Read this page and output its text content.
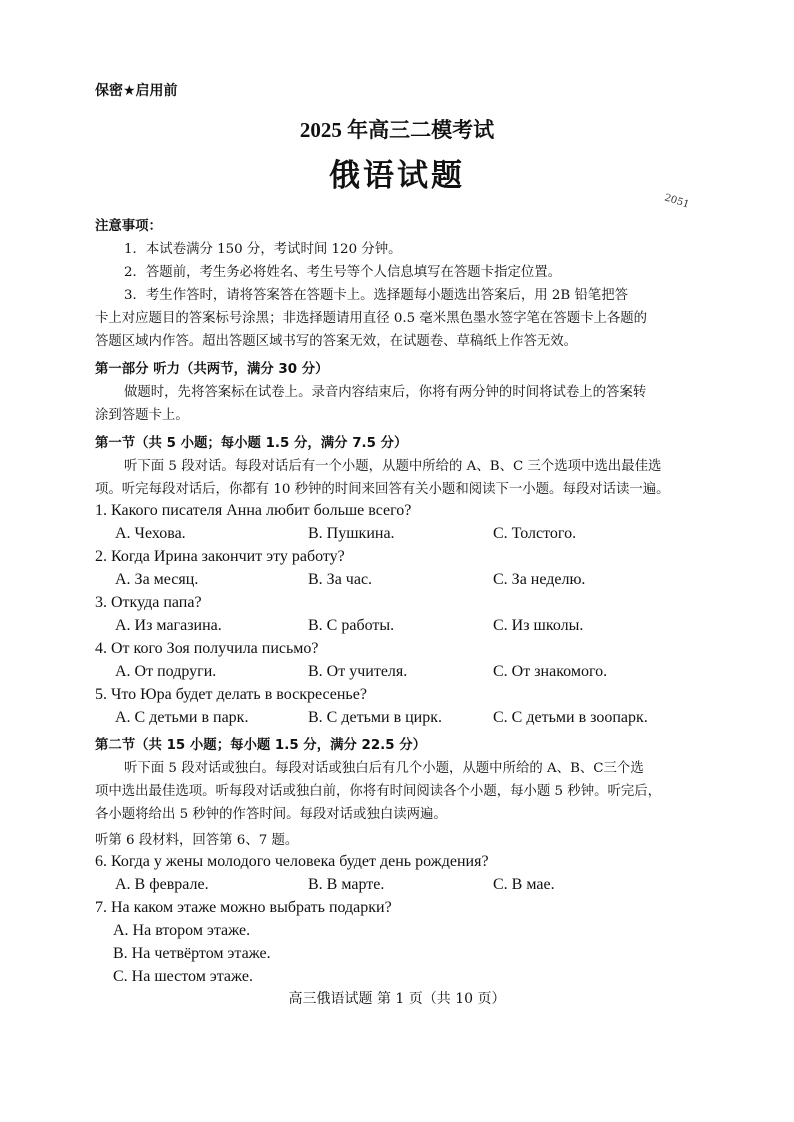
保密★启用前
2025 年高三二模考试
俄语试题
2051
注意事项：
1．本试卷满分 150 分，考试时间 120 分钟。
2．答题前，考生务必将姓名、考生号等个人信息填写在答题卡指定位置。
3．考生作答时，请将答案答在答题卡上。选择题每小题选出答案后，用 2B 铅笔把答
卡上对应题目的答案标号涂黑；非选择题请用直径 0.5 毫米黑色墨水签字笔在答题卡上各题的
答题区域内作答。超出答题区域书写的答案无效，在试题卷、草稿纸上作答无效。
第一部分 听力（共两节，满分 30 分）
做题时，先将答案标在试卷上。录音内容结束后，你将有两分钟的时间将试卷上的答案转
涂到答题卡上。
第一节（共 5 小题；每小题 1.5 分，满分 7.5 分）
听下面 5 段对话。每段对话后有一个小题，从题中所给的 A、B、C 三个选项中选出最佳选
项。听完每段对话后，你都有 10 秒钟的时间来回答有关小题和阅读下一小题。每段对话读一遍。
1. Какого писателя Анна любит больше всего?
A. Чехова.	B. Пушкина.	C. Толстого.
2. Когда Ирина закончит эту работу?
A. За месяц.	B. За час.	C. За неделю.
3. Откуда папа?
A. Из магазина.	B. С работы.	C. Из школы.
4. От кого Зоя получила письмо?
A. От подруги.	B. От учителя.	C. От знакомого.
5. Что Юра будет делать в воскресенье?
A. С детьми в парк.	B. С детьми в цирк.	C. С детьми в зоопарк.
第二节（共 15 小题；每小题 1.5 分，满分 22.5 分）
听下面 5 段对话或独白。每段对话或独白后有几个小题，从题中所给的 A、B、C三个选
项中选出最佳选项。听每段对话或独白前，你将有时间阅读各个小题，每小题 5 秒钟。听完后，
各小题将给出 5 秒钟的作答时间。每段对话或独白读两遍。
听第 6 段材料，回答第 6、7 题。
6. Когда у жены молодого человека будет день рождения?
A. В феврале.	B. В марте.	C. В мае.
7. На каком этаже можно выбрать подарки?
A. На втором этаже.
B. На четвёртом этаже.
C. На шестом этаже.
高三俄语试题 第 1 页（共 10 页）
